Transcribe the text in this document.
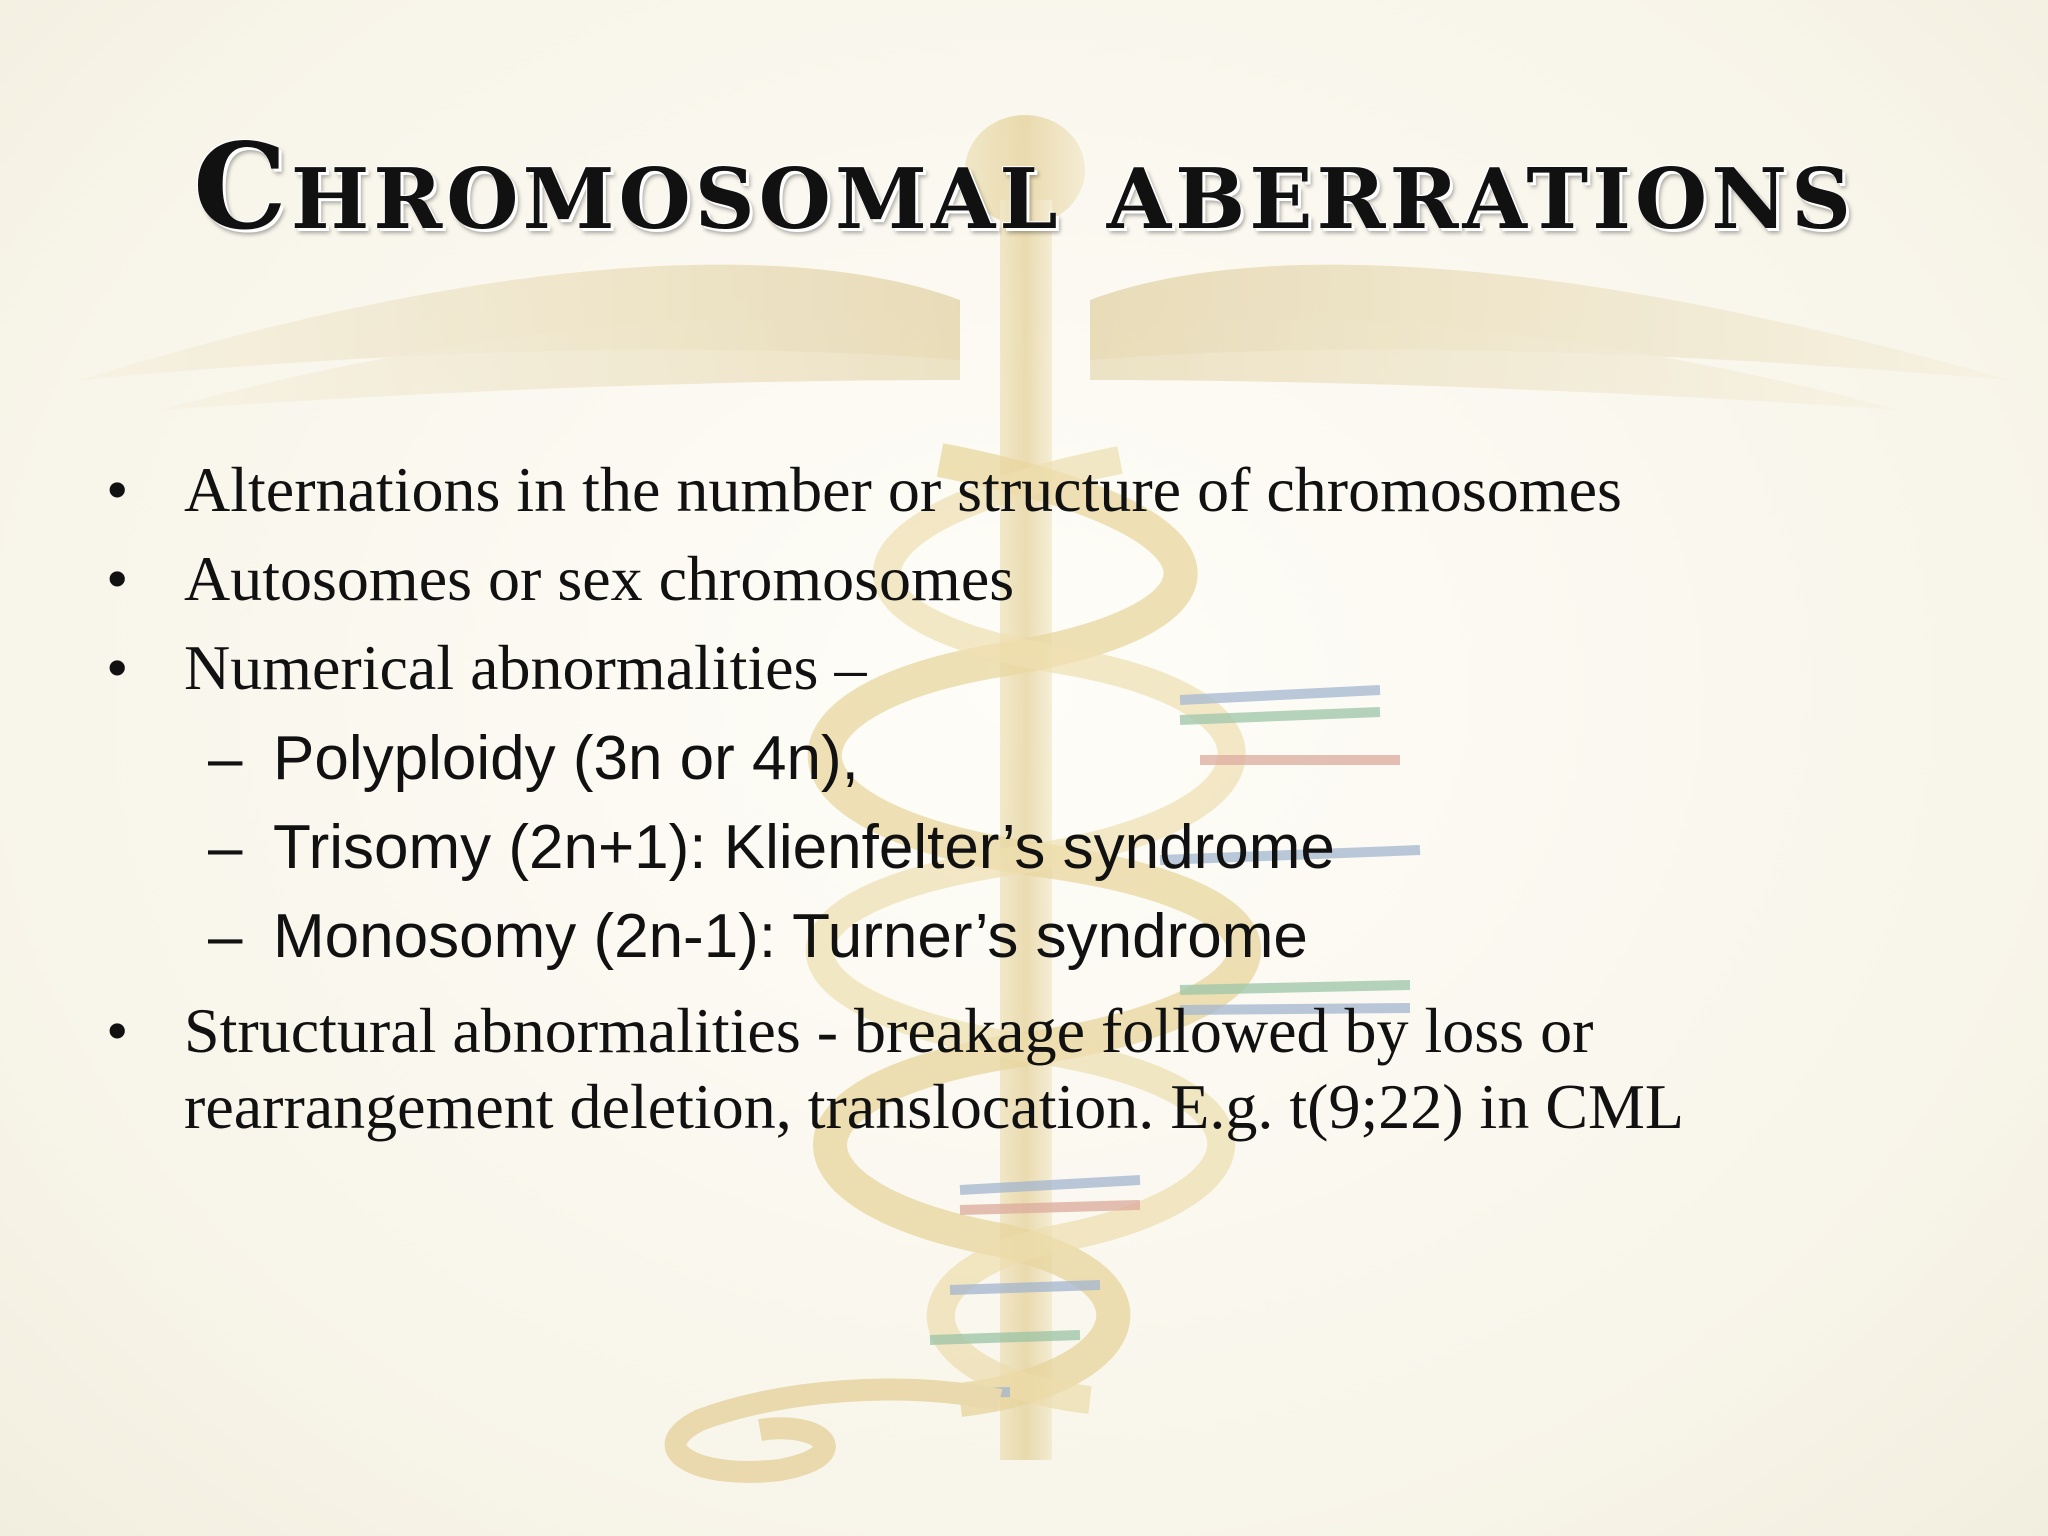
Chromosomal aberrations
• Alternations in the number or structure of chromosomes
• Autosomes or sex chromosomes
• Numerical abnormalities –
– Polyploidy (3n or 4n),
– Trisomy (2n+1): Klienfelter’s syndrome
– Monosomy (2n-1): Turner’s syndrome
• Structural abnormalities - breakage followed by loss or rearrangement deletion, translocation. E.g. t(9;22) in CML
